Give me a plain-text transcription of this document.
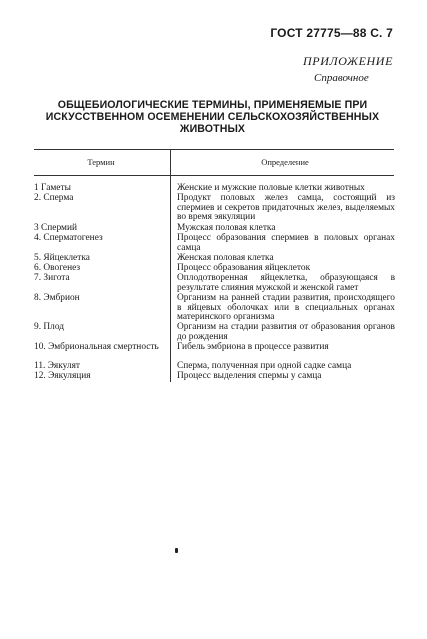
ГОСТ 27775—88 С. 7
ПРИЛОЖЕНИЕ
Справочное
ОБЩЕБИОЛОГИЧЕСКИЕ ТЕРМИНЫ, ПРИМЕНЯЕМЫЕ ПРИ ИСКУССТВЕННОМ ОСЕМЕНЕНИИ СЕЛЬСКОХОЗЯЙСТВЕННЫХ ЖИВОТНЫХ
Термин	Определение
1 Гаметы	Женские и мужские половые клетки животных
2. Сперма	Продукт половых желез самца, состоящий из спермиев и секретов придаточных желез, выделяемых во время эякуляции
3 Спермий	Мужская половая клетка
4. Сперматогенез	Процесс образования спермиев в половых органах самца
5. Яйцеклетка	Женская половая клетка
6. Овогенез	Процесс образования яйцеклеток
7. Зигота	Оплодотворенная яйцеклетка, образующаяся в результате слияния мужской и женской гамет
8. Эмбрион	Организм на ранней стадии развития, происходящего в яйцевых оболочках или в специальных органах материнского организма
9. Плод	Организм на стадии развития от образования органов до рождения
10. Эмбриональная смертность	Гибель эмбриона в процессе развития
11. Эякулят	Сперма, полученная при одной садке самца
12. Эякуляция	Процесс выделения спермы у самца
